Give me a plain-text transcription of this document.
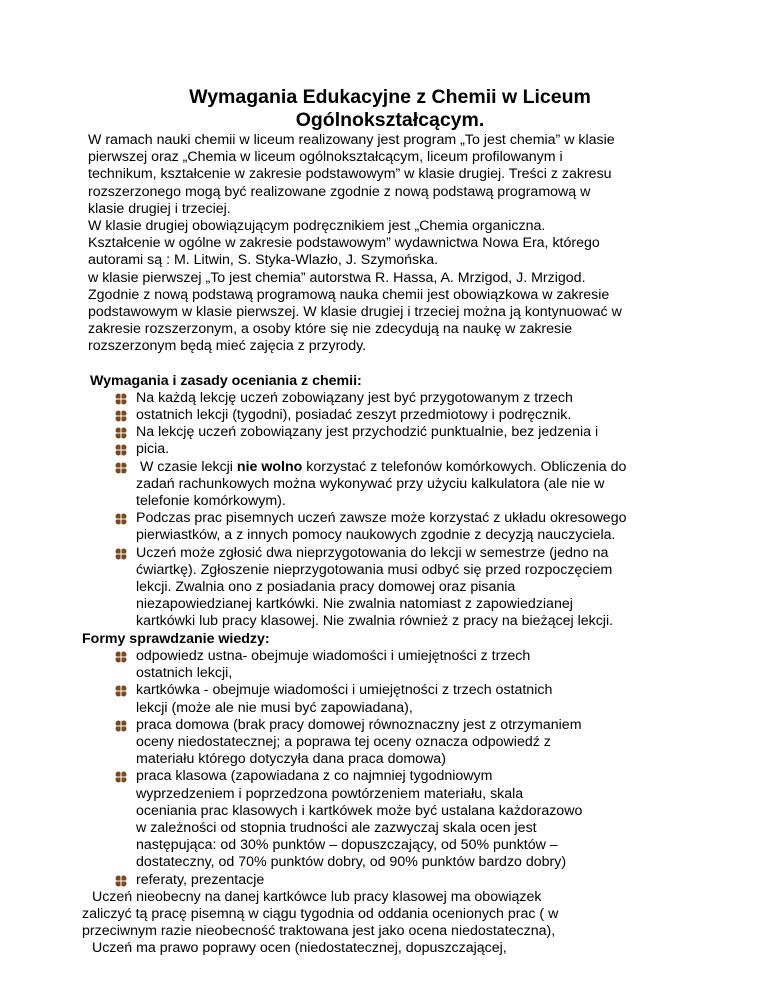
Wymagania Edukacyjne z Chemii w Liceum
Ogólnokształcącym.
W ramach nauki chemii w liceum realizowany jest program „To jest chemia” w klasie
pierwszej oraz „Chemia w liceum ogólnokształcącym, liceum profilowanym i
technikum, kształcenie w zakresie podstawowym” w klasie drugiej. Treści z zakresu
rozszerzonego mogą być realizowane zgodnie z nową podstawą programową w
klasie drugiej i trzeciej.
W klasie drugiej obowiązującym podręcznikiem jest „Chemia organiczna.
Kształcenie w ogólne w zakresie podstawowym” wydawnictwa Nowa Era, którego
autorami są : M. Litwin, S. Styka-Wlazło, J. Szymońska.
w klasie pierwszej „To jest chemia” autorstwa R. Hassa, A. Mrzigod, J. Mrzigod.
Zgodnie z nową podstawą programową nauka chemii jest obowiązkowa w zakresie
podstawowym w klasie pierwszej. W klasie drugiej i trzeciej można ją kontynuować w
zakresie rozszerzonym, a osoby które się nie zdecydują na naukę w zakresie
rozszerzonym będą mieć zajęcia z przyrody.
Wymagania i zasady oceniania z chemii:
Na każdą lekcję uczeń zobowiązany jest być przygotowanym z trzech
ostatnich lekcji (tygodni), posiadać zeszyt przedmiotowy i podręcznik.
Na lekcję uczeń zobowiązany jest przychodzić punktualnie, bez jedzenia i
picia.
W czasie lekcji nie wolno korzystać z telefonów komórkowych. Obliczenia do
zadań rachunkowych można wykonywać przy użyciu kalkulatora (ale nie w
telefonie komórkowym).
Podczas prac pisemnych uczeń zawsze może korzystać z układu okresowego
pierwiastków, a z innych pomocy naukowych zgodnie z decyzją nauczyciela.
Uczeń może zgłosić dwa nieprzygotowania do lekcji w semestrze (jedno na
ćwiartkę). Zgłoszenie nieprzygotowania musi odbyć się przed rozpoczęciem
lekcji. Zwalnia ono z posiadania pracy domowej oraz pisania
niezapowiedzianej kartkówki. Nie zwalnia natomiast z zapowiedzianej
kartkówki lub pracy klasowej. Nie zwalnia również z pracy na bieżącej lekcji.
Formy sprawdzanie wiedzy:
odpowiedz ustna- obejmuje wiadomości i umiejętności z trzech
ostatnich lekcji,
kartkówka - obejmuje wiadomości i umiejętności z trzech ostatnich
lekcji (może ale nie musi być zapowiadana),
praca domowa (brak pracy domowej równoznaczny jest z otrzymaniem
oceny niedostatecznej; a poprawa tej oceny oznacza odpowiedź z
materiału którego dotyczyła dana praca domowa)
praca klasowa (zapowiadana z co najmniej tygodniowym
wyprzedzeniem i poprzedzona powtórzeniem materiału, skala
oceniania prac klasowych i kartkówek może być ustalana każdorazowo
w zależności od stopnia trudności ale zazwyczaj skala ocen jest
następująca: od 30% punktów – dopuszczający, od 50% punktów –
dostateczny, od 70% punktów dobry, od 90% punktów bardzo dobry)
referaty, prezentacje
Uczeń nieobecny na danej kartkówce lub pracy klasowej ma obowiązek
zaliczyć tą pracę pisemną w ciągu tygodnia od oddania ocenionych prac ( w
przeciwnym razie nieobecność traktowana jest jako ocena niedostateczna),
Uczeń ma prawo poprawy ocen (niedostatecznej, dopuszczającej,
